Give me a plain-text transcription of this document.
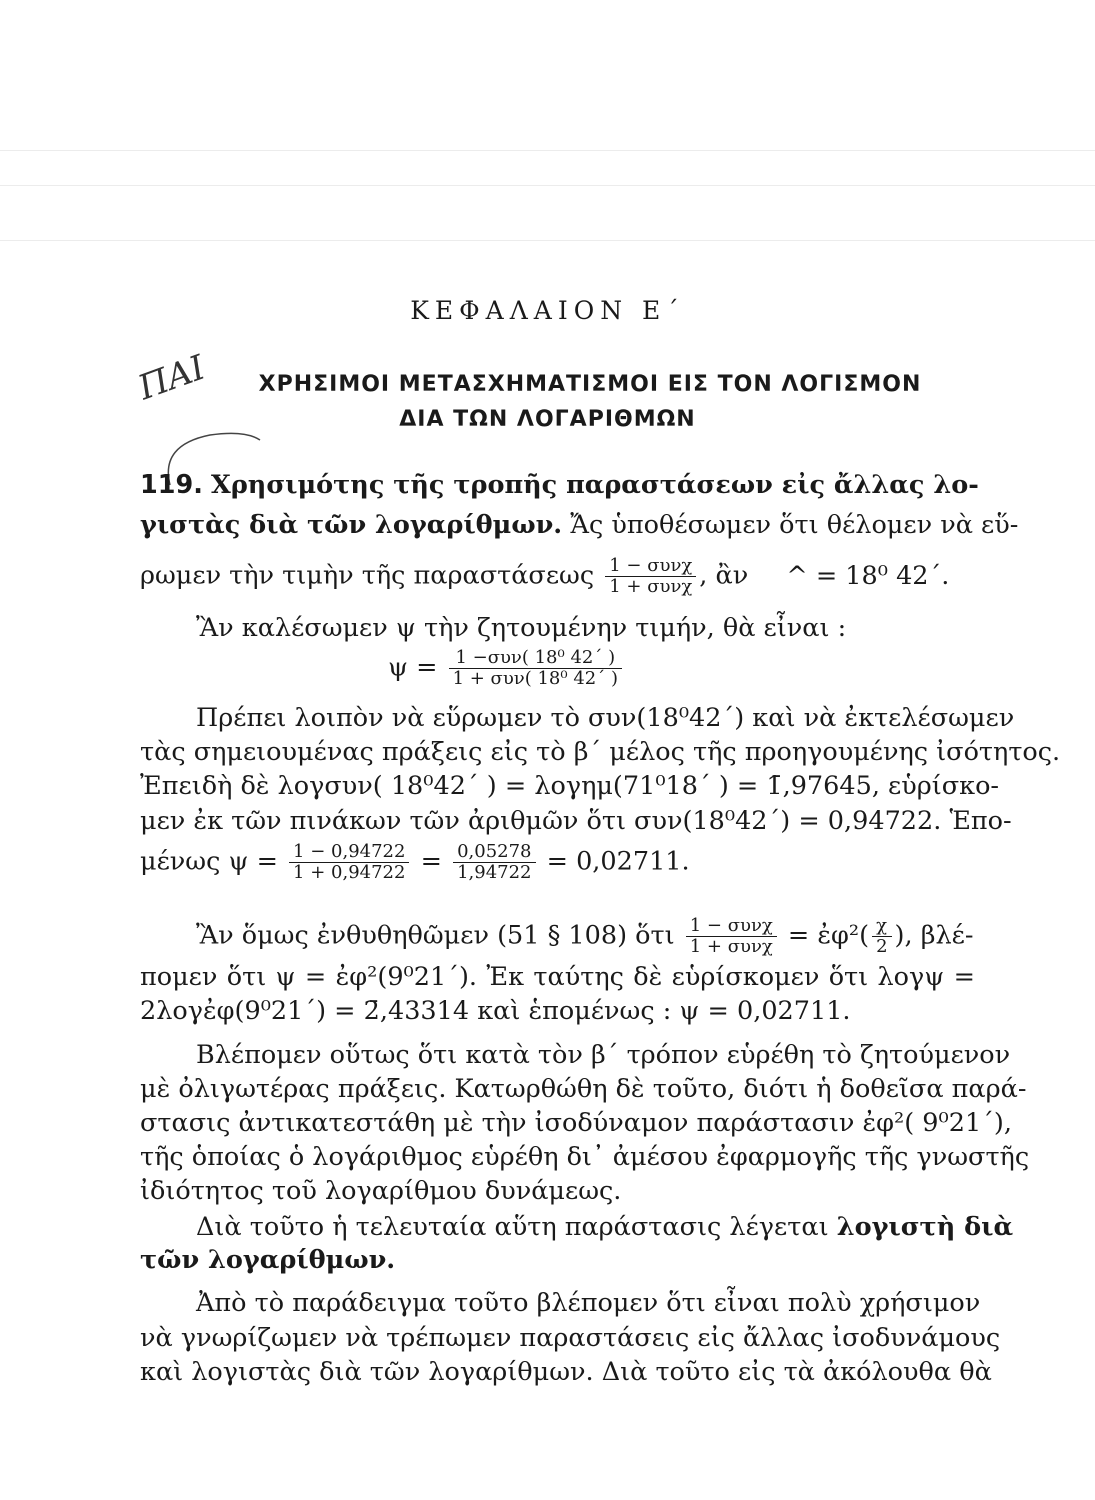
ΠΑΙ
ΚΕΦΑΛΑΙΟΝ Ε΄
ΧΡΗΣΙΜΟΙ ΜΕΤΑΣΧΗΜΑΤΙΣΜΟΙ ΕΙΣ ΤΟΝ ΛΟΓΙΣΜΟΝ
ΔΙΑ ΤΩΝ ΛΟΓΑΡΙΘΜΩΝ
119. Χρησιμότης τῆς τροπῆς παραστάσεων εἰς ἄλλας λο-
γιστὰς διὰ τῶν λογαρίθμων. Ἄς ὑποθέσωμεν ὅτι θέλομεν νὰ εὕ-
ρωμεν τὴν τιμὴν τῆς παραστάσεως $\frac{\text{1 − συνχ}}{\text{1 + συνχ}}$ , ἂν ^ = 18⁰ 42΄.
Ἂν καλέσωμεν ψ τὴν ζητουμένην τιμήν, θὰ εἶναι :
$\psi = \frac{\text{1 −συν( 18⁰ 42΄ )}}{\text{1 + συν( 18⁰ 42΄ )}}$
Πρέπει λοιπὸν νὰ εὕρωμεν τὸ συν(18⁰42΄) καὶ νὰ ἐκτελέσωμεν
τὰς σημειουμένας πράξεις εἰς τὸ β΄ μέλος τῆς προηγουμένης ἰσότητος.
Ἐπειδὴ δὲ λογσυν( 18⁰42΄ ) = λογημ(71⁰18΄ ) = 1̄,97645, εὑρίσκο-
μεν ἐκ τῶν πινάκων τῶν ἀριθμῶν ὅτι συν(18⁰42΄) = 0,94722. Ἑπο-
μένως $\psi = \frac{1 - 0,94722}{1 + 0,94722} = \frac{0,05278}{1,94722} = 0,02711$.
Ἂν ὅμως ἐνθυθηθῶμεν (51 § 108) ὅτι $\frac{\text{1 − συνχ}}{\text{1 + συνχ}}$ = ἐφ²( $\frac{\chi}{2}$ ), βλέ-
πομεν ὅτι ψ = ἐφ²(9⁰21΄). Ἐκ ταύτης δὲ εὑρίσκομεν ὅτι λογψ =
2λογἐφ(9⁰21΄) = 2̄,43314 καὶ ἑπομένως : ψ = 0,02711.
Βλέπομεν οὕτως ὅτι κατὰ τὸν β΄ τρόπον εὑρέθη τὸ ζητούμενον
μὲ ὀλιγωτέρας πράξεις. Κατωρθώθη δὲ τοῦτο, διότι ἡ δοθεῖσα παρά-
στασις ἀντικατεστάθη μὲ τὴν ἰσοδύναμον παράστασιν ἐφ²( 9⁰21΄),
τῆς ὁποίας ὁ λογάριθμος εὑρέθη δι᾽ ἀμέσου ἐφαρμογῆς τῆς γνωστῆς
ἰδιότητος τοῦ λογαρίθμου δυνάμεως.
Διὰ τοῦτο ἡ τελευταία αὕτη παράστασις λέγεται λογιστὴ διὰ
τῶν λογαρίθμων.
Ἀπὸ τὸ παράδειγμα τοῦτο βλέπομεν ὅτι εἶναι πολὺ χρήσιμον
νὰ γνωρίζωμεν νὰ τρέπωμεν παραστάσεις εἰς ἄλλας ἰσοδυνάμους
καὶ λογιστὰς διὰ τῶν λογαρίθμων. Διὰ τοῦτο εἰς τὰ ἀκόλουθα θὰ
